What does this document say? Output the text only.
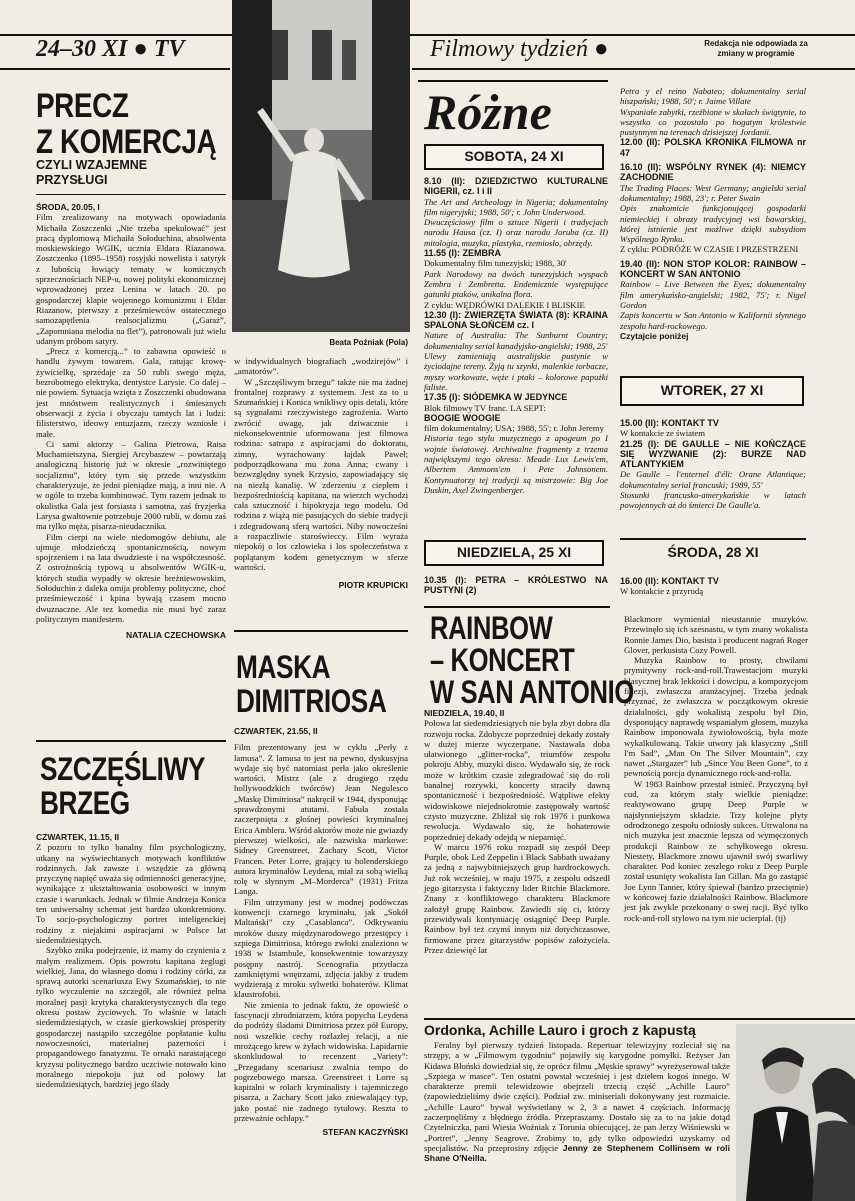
24–30 XI ● TV	Filmowy tydzień ●	Redakcja nie odpowiada za zmiany w programie
Beata Poźniak (Pola)
PRECZ
Z KOMERCJĄ
CZYLI WZAJEMNE PRZYSŁUGI
ŚRODA, 20.05, I
Film zrealizowany na motywach opowiadania Michaiła Zoszczenki „Nie trzeba spekulować” jest pracą dyplomową Michaiła Sołoduchina, absolwenta moskiewskiego WGIK, ucznia Eldara Riazanowa. Zoszczenko (1895–1958) rosyjski nowelista i satyryk z lubością łowiący tematy w komicznych sprzecznościach NEP-u, nowej polityki ekonomicznej wprowadzonej przez Lenina w latach 20. po gospodarczej klapie wojennego komunizmu i Eldar Riazanow, pierwszy z prześmiewców ostatecznego samozapętlenia realsocjalizmu („Garaż”, „Zapomniana melodia na flet”), patronowali już wielu udanym próbom satyry.
„Precz z komercją...” to zabawna opowieść o handlu żywym towarem. Gala, ratując krowę-żywicielkę, sprzedaje za 50 rubli swego męża, bezrobotnego elektryka, dentystce Larysie. Co dalej – nie powiem. Sytuacja wzięta z Zoszczenki obudowana jest mnóstwem realistycznych i śmiesznych obserwacji z życia i obyczaju tamtych lat i ludzi: filisterstwo, ideowy entuzjazm, rzeczy wzniosłe i małe.
Ci sami aktorzy – Galina Pietrowa, Raisa Muchamietszyna, Siergiej Arcybaszew – powtarzają analogiczną historię już w okresie „rozwiniętego socjalizmu”, który tym się przede wszystkim charakteryzuje, że jedni pieniądze mają, a inni nie. A w ogóle to trzeba kombinować. Tym razem jednak to okulistka Gala jest forsiasta i samotna, zaś fryzjerka Larysa gwałtownie potrzebuje 2000 rubli, w domu zaś ma tylko męża, pisarza-nieudacznika.
Film cierpi na wiele niedomogów debiutu, ale ujmuje młodzieńczą spontanicznością, nowym spojrzeniem i na lata dwudzieste i na współczesność. Z ostrożnością typową u absolwentów WGIK-u, których studia wypadły w okresie breżniewowskim, Sołoduchin z daleka omija problemy polityczne, choć prześmiewczość i kpina bywają czasem mocno dwuznaczne. Ale tez komedia nie musi być zaraz politycznym manifestem.
NATALIA CZECHOWSKA
SZCZĘŚLIWY
BRZEG
CZWARTEK, 11.15, II
Z pozoru to tylko banalny film psychologiczny, utkany na wyświechtanych motywach konfliktów rodzinnych. Jak zawsze i wszędzie za główną przyczynę napięć uważa się odmienności generacyjne, wynikające z ukształtowania osobowości w innym czasie i warunkach. Jednak w filmie Andrzeja Konica ten uniwersalny schemat jest bardzo ukonkretniony. To socjo-psychologiczny portret inteligenckiej rodziny z niejakimi aspiracjami w Polsce lat siedemdziesiątych.
Szybko znika podejrzenie, iż mamy do czynienia z małym realizmem. Opis powrotu kapitana żeglugi wielkiej, Jana, do własnego domu i rodziny córki, za sprawą autorki scenariusza Ewy Szumańskiej, to nie tylko wyczulenie na szczegół, ale również pełna moralnej pasji krytyka charakterystycznych dla tego okresu postaw życiowych. To właśnie w latach siedemdziesiątych, w czasie gierkowskiej prosperity gospodarczej nastąpiło szczególne popłatanie kultu nowoczesności, materialnej pazerności i propagandowego fanatyzmu. Te ornaki narastającego kryzysu politycznego bardzo uczciwie notowało kino moralnego niepokoju już od połowy lat siedemdziesiątych, bardziej jego ślady
w indywidualnych biografiach „wodzirejów” i „amatorów”.
W „Szczęśliwym brzegu” także nie ma żadnej frontalnej rozprawy z systemem. Jest za to u Szumańskiej i Konica wnikliwy opis detali, które są sygnałami rzeczywistego zagrożenia. Warto zwrócić uwagę, jak dziwacznie i niekonsekwentnie uformowana jest filmowa rodzina: satrapa z aspiracjami do doktoratu, zimny, wyrachowany łajdak Paweł; podporządkowana mu żona Anna; cwany i bezwzględny synek Krzysio, zapowiadający się na niezłą kanalię. W zderzeniu z ciepłem i bezpośredniością kapitana, na wierzch wychodzi cała sztuczność i hipokryzja tego modelu. Od rodzina z wiążą nie pasujących do siebie tradycji i zdegradowaną sferą wartości. Niby nowocześni a rozpaczliwie staroświeccy. Film wyraża niepokój o los człowieka i los społeczeństwa z poplątanym kodem genetycznym w sferze wartości.
PIOTR KRUPICKI
MASKA
DIMITRIOSA
CZWARTEK, 21.55, II
Film prezentowany jest w cyklu „Perły z lamusa”. Z lamusa to jest na pewno, dyskusyjna wydaje się być natomiast perła jako określenie wartości. Mistrz (ale z drugiego rzędu hollywoodzkich twórców) Jean Negulesco „Maskę Dimitriosa” nakręcił w 1944, dysponując sprawdzonymi atutami. Fabuła została zaczerpnięta z głośnej powieści kryminalnej Erica Amblera. Wśród aktorów może nie gwiazdy pierwszej wielkości, ale nazwiska markowe: Sidney Greenstreet, Zachary Scott, Victor Francen. Peter Lorre, grający tu holenderskiego autora kryminałów Leydena, miał za sobą wielką rolę w słynnym „M–Morderca” (1931) Fritza Langa.
Film utrzymany jest w modnej podówczas konwencji czarnego kryminału, jak „Sokół Maltański” czy „Casablanca”. Odkrywaniu mroków duszy międzynarodowego przestępcy i szpiega Dimitriosa, którego zwłoki znaleziono w 1938 w Istambule, konsekwentnie towarzyszy posępny nastrój. Scenografia przytłacza zamkniętymi wnętrzami, zdjęcia jakby z trudem wydzierają z mroku sylwetki bohaterów. Klimat klaustrofobii.
Nie zmienia to jednak faktu, że opowieść o fascynacji zbrodniarzem, która popycha Leydena do podróży śladami Dimitriosa przez pół Europy, nosi wszelkie cechy rozlazłej relacji, a nie mrożącego krew w żyłach widowiska. Lapidarnie skonkludował to recenzent „Variety”: „Przegadany scenariusz zwalnia tempo do pogrzebowego marsza. Greenstreet i Lorre są kapitalni w rolach kryminalisty i tajemniczego pisarza, a Zachary Scott jako zniewalający typ, jako postać nie żadnego tytułowy. Reszta to przeważnie ochłapy.”
STEFAN KACZYŃSKI
Różne
SOBOTA, 24 XI
8.10 (II): DZIEDZICTWO KULTURALNE NIGERII, cz. I i II
The Art and Archeology in Nigeria; dokumentalny film nigeryjski; 1988, 50'; r. John Underwood.
Dwuczęściowy film o sztuce Nigerii i tradycjach narodu Hausa (cz. I) oraz narodu Joruba (cz. II) mitologia, muzyka, plastyka, rzemiosło, obrzędy.
11.55 (I): ZEMBRA
Dokumentalny film tunezyjski; 1988, 30'
Park Narodowy na dwóch tunezyjskich wyspach Zembra i Zembretta. Endemicznie występujące gatunki ptaków, unikalna flora.
Z cyklu: WĘDRÓWKI DALEKIE I BLISKIE
12.30 (I): ZWIERZĘTA ŚWIATA (8): KRAINA SPALONA SŁOŃCEM cz. I
Nature of Australia: The Sunburnt Country; dokumentalny serial kanadyjsko-angielski; 1988, 25'
Ulewy zamieniają australijskie pustynie w życiodajne tereny. Żyją tu szynki, malenkie torbacze, myszy workowate, węże i ptaki – kolorowe papużki faliste.
17.35 (I): SIÓDEMKA W JEDYNCE
Blok filmowy TV franc. LA SEPT:
BOOGIE WOOGIE
film dokumentalny; USA; 1988, 55'; r. John Jeremy
Historia tego stylu muzycznego z apogeum po I wojnie światowej. Archiwalne fragmenty z trzema największymi tego okresu: Meade Lux Lewis'em, Albertem Ammons'em i Pete Johnsonem. Kontynuatorzy tej tradycji są mistrzowie: Big Joe Duskin, Axel Zwingenberger.
NIEDZIELA, 25 XI
10.35 (I): PETRA – KRÓLESTWO NA PUSTYNI (2)
Petra y el reino Nabateo; dokumentalny serial hiszpański; 1988, 50'; r. Jaime Villate
Wspaniałe zabytki, rzeźbione w skałach świątynie, to wszystko co pozostało po bogatym królestwie pustynnym na terenach dzisiejszej Jordanii.
12.00 (II): POLSKA KRONIKA FILMOWA nr 47
16.10 (II): WSPÓLNY RYNEK (4): NIEMCY ZACHODNIE
The Trading Places: West Germany; angielski serial dokumentalny; 1988, 23'; r. Peter Swain
Opis znakomicie funkcjonującej gospodarki niemieckiej i obrazy tradycyjnej wsi bawarskiej, której istnienie jest możliwe dzięki subsydiom Wspólnego Rynku.
Z cyklu: PODRÓŻE W CZASIE I PRZESTRZENI
19.40 (II): NON STOP KOLOR: RAINBOW – KONCERT W SAN ANTONIO
Rainbow – Live Between the Eyes; dokumentalny film amerykańsko-angielski; 1982, 75'; r. Nigel Gordon
Zapis koncertu w San Antonio w Kalifornii słynnego zespołu hard-rockowego.
Czytajcie poniżej
WTOREK, 27 XI
15.00 (II): KONTAKT TV
W kontakcie ze światem
21.25 (I): DE GAULLE – NIE KOŃCZĄCE SIĘ WYZWANIE (2): BURZE NAD ATLANTYKIEM
De Gaulle – l'enternel d'éli: Orane Atlantique; dokumentalny serial francuski; 1989, 55'
Stosunki francusko-amerykańskie w latach powojennych aż do śmierci De Gaulle'a.
ŚRODA, 28 XI
16.00 (II): KONTAKT TV
W kontakcie z przyrodą
RAINBOW
– KONCERT
W SAN ANTONIO
NIEDZIELA, 19.40, II
Połowa lat siedemdziesiątych nie była zbyt dobra dla rozwoju rocka. Zdobycze poprzedniej dekady zostały w dużej mierze wyczerpane. Nastawała doba ułatwionego „glitter-rocka”, triumfów zespołu pokroju Abby, muzyki disco. Wydawało się, że rock może w krótkim czasie zdegradować się do roli banalnej rozrywki, koncerty straciły dawną spontaniczność i bezpośredniość. Wątpliwe efekty widowiskowe niejednokrotnie zastępowały wartość czysto muzyczne. Zbliżał się rok 1976 i punkowa rewolucja. Wydawało się, że bohaterowie poprzedniej dekady odejdą w niepamięć.
W marcu 1976 roku rozpadł się zespół Deep Purple, obok Led Zeppelin i Black Sabbath uważany za jedną z najwybitniejszych grup hardrockowych. Już rok wcześniej, w maju 1975, z zespołu odszedł jego gitarzysta i faktyczny lider Ritchie Blackmore. Znany z konfliktowego charakteru Blackmore założył grupę Rainbow. Zawiedli się ci, którzy przewidywali kontynuację osiągnięć Deep Purple. Rainbow był też czymś innym niż dotychczasowe, firmowane przez gitarzystów popisów założyciela. Przez dziewięć lat
Blackmore wymieniał nieustannie muzyków. Przewinęło się ich szesnastu, w tym znany wokalista Ronnie James Dio, basista i producent nagrań Roger Glover, perkusista Cozy Powell.
Muzyka Rainbow to prosty, chwilami prymitywny rock-and-roll.Trawestacjom muzyki klasycznej brak lekkości i dowcipu, a kompozycjom finezji, zwłaszcza aranżacyjnej. Trzeba jednak przyznać, że zwłaszcza w początkowym okresie działalności, gdy wokalistą zespołu był Dio, dysponujący naprawdę wspaniałym głosem, muzyka Rainbow imponowała żywiołowością, była może wykalkulowaną. Takie utwory jak klasyczny „Still I'm Sad”, „Man On The Silver Mountain”, czy nawet „Stargazer” lub „Since You Been Gone”, to z pewnością porcja dynamicznego rock-and-rolla.
W 1983 Rainbow przestał istnieć. Przyczyną był cud, za którym stały wielkie pieniądze: reaktywowano grupę Deep Purple w najsłynniejszym składzie. Trzy kolejne płyty odrodzonego zespołu odniosły sukces. Utrwalona na nich muzyka jest znacznie lepsza od wymęczonych produkcji Rainbow ze schyłkowego okresu. Niestety, Blackmore znowu ujawnił swój swarliwy charakter. Pod koniec zeszłego roku z Deep Purple został usunięty wokalista Ian Gillan. Ma go zastąpić Joe Lynn Tanner, który śpiewał (bardzo przeciętnie) w końcowej fazie działalności Rainbow. Blackmore jest jak zwykle przekonany o swej racji. Być tylko rock-and-roll stylowo na tym nie ucierpiał. (tj)
Ordonka, Achille Lauro i groch z kapustą
Feralny był pierwszy tydzień listopada. Repertuar telewizyjny rozleciał się na strzępy, a w „Filmowym tygodniu” pojawiły się karygodne pomyłki. Reżyser Jan Kidawa Błoński dowiedział się, że oprócz filmu „Męskie sprawy” wyreżyserował także „Szpiega w masce”. Ten ostatni powstał wcześniej i jest dziełem kogoś innego. W charakterze premii telewidzowie obejrzeli trzecią część „Achille Lauro” (zapowiedzieliśmy dwie części). Podział zw. miniseriali dokonywany jest rozmaicie. „Achille Lauro” bywał wyświetlany w 2, 3 a nawet 4 częściach. Informację zaczerpnęliśmy z błędnego źródła. Przepraszamy. Dostało się za to na jakie dotąd Czytelniczka, pani Wiesia Woźniak z Torunia obiecującej, że pan Jerzy Wiśniewski w „Portret”, „Jenny Seagrove. Zrobimy to, gdy tylko odpowiedzi uzyskamy od specjalistów. Na przeprosiny zdjęcie Jenny ze Stephenem Collinsem w roli Shane O'Neilla.
